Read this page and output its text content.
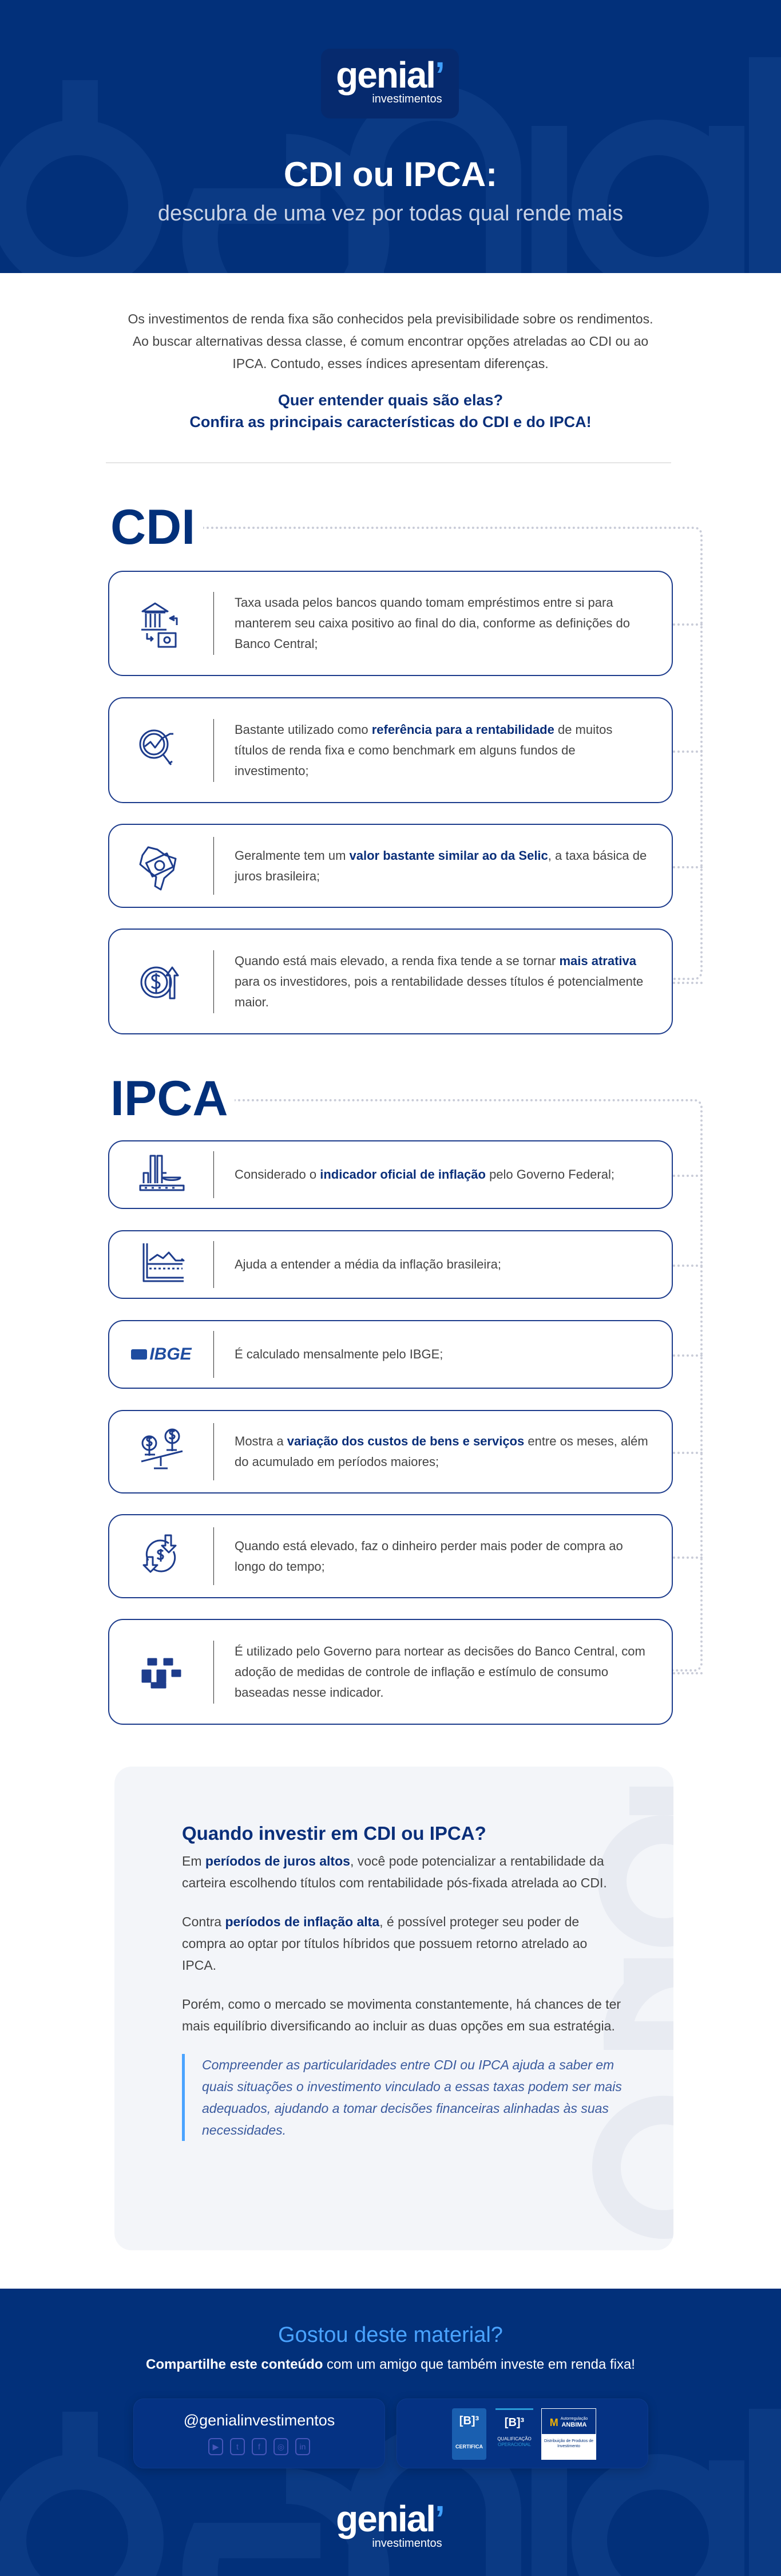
genial’
investimentos
CDI ou IPCA:
descubra de uma vez por todas qual rende mais
Os investimentos de renda fixa são conhecidos pela previsibilidade sobre os rendimentos. Ao buscar alternativas dessa classe, é comum encontrar opções atreladas ao CDI ou ao IPCA. Contudo, esses índices apresentam diferenças.
Quer entender quais são elas?
Confira as principais características do CDI e do IPCA!
CDI
Taxa usada pelos bancos quando tomam empréstimos entre si para manterem seu caixa positivo ao final do dia, conforme as definições do Banco Central;
Bastante utilizado como referência para a rentabilidade de muitos títulos de renda fixa e como benchmark em alguns fundos de investimento;
Geralmente tem um valor bastante similar ao da Selic, a taxa básica de juros brasileira;
Quando está mais elevado, a renda fixa tende a se tornar mais atrativa para os investidores, pois a rentabilidade desses títulos é potencialmente maior.
IPCA
Considerado o indicador oficial de inflação pelo Governo Federal;
Ajuda a entender a média da inflação brasileira;
IBGE	É calculado mensalmente pelo IBGE;
Mostra a variação dos custos de bens e serviços entre os meses, além do acumulado em períodos maiores;
Quando está elevado, faz o dinheiro perder mais poder de compra ao longo do tempo;
É utilizado pelo Governo para nortear as decisões do Banco Central, com adoção de medidas de controle de inflação e estímulo de consumo baseadas nesse indicador.
Quando investir em CDI ou IPCA?

Em períodos de juros altos, você pode potencializar a rentabilidade da carteira escolhendo títulos com rentabilidade pós-fixada atrelada ao CDI.

Contra períodos de inflação alta, é possível proteger seu poder de compra ao optar por títulos híbridos que possuem retorno atrelado ao IPCA.

Porém, como o mercado se movimenta constantemente, há chances de ter mais equilíbrio diversificando ao incluir as duas opções em sua estratégia.

Compreender as particularidades entre CDI ou IPCA ajuda a saber em quais situações o investimento vinculado a essas taxas podem ser mais adequados, ajudando a tomar decisões financeiras alinhadas às suas necessidades.
Gostou deste material?
Compartilhe este conteúdo com um amigo que também investe em renda fixa!
@genialinvestimentos
▶	t	f	◎	in
[B]³
CERTIFICA
[B]³
QUALIFICAÇÃO
OPERACIONAL
M Autorregulação
ANBIMA
Distribuição de Produtos de Investimento
genial’
investimentos
